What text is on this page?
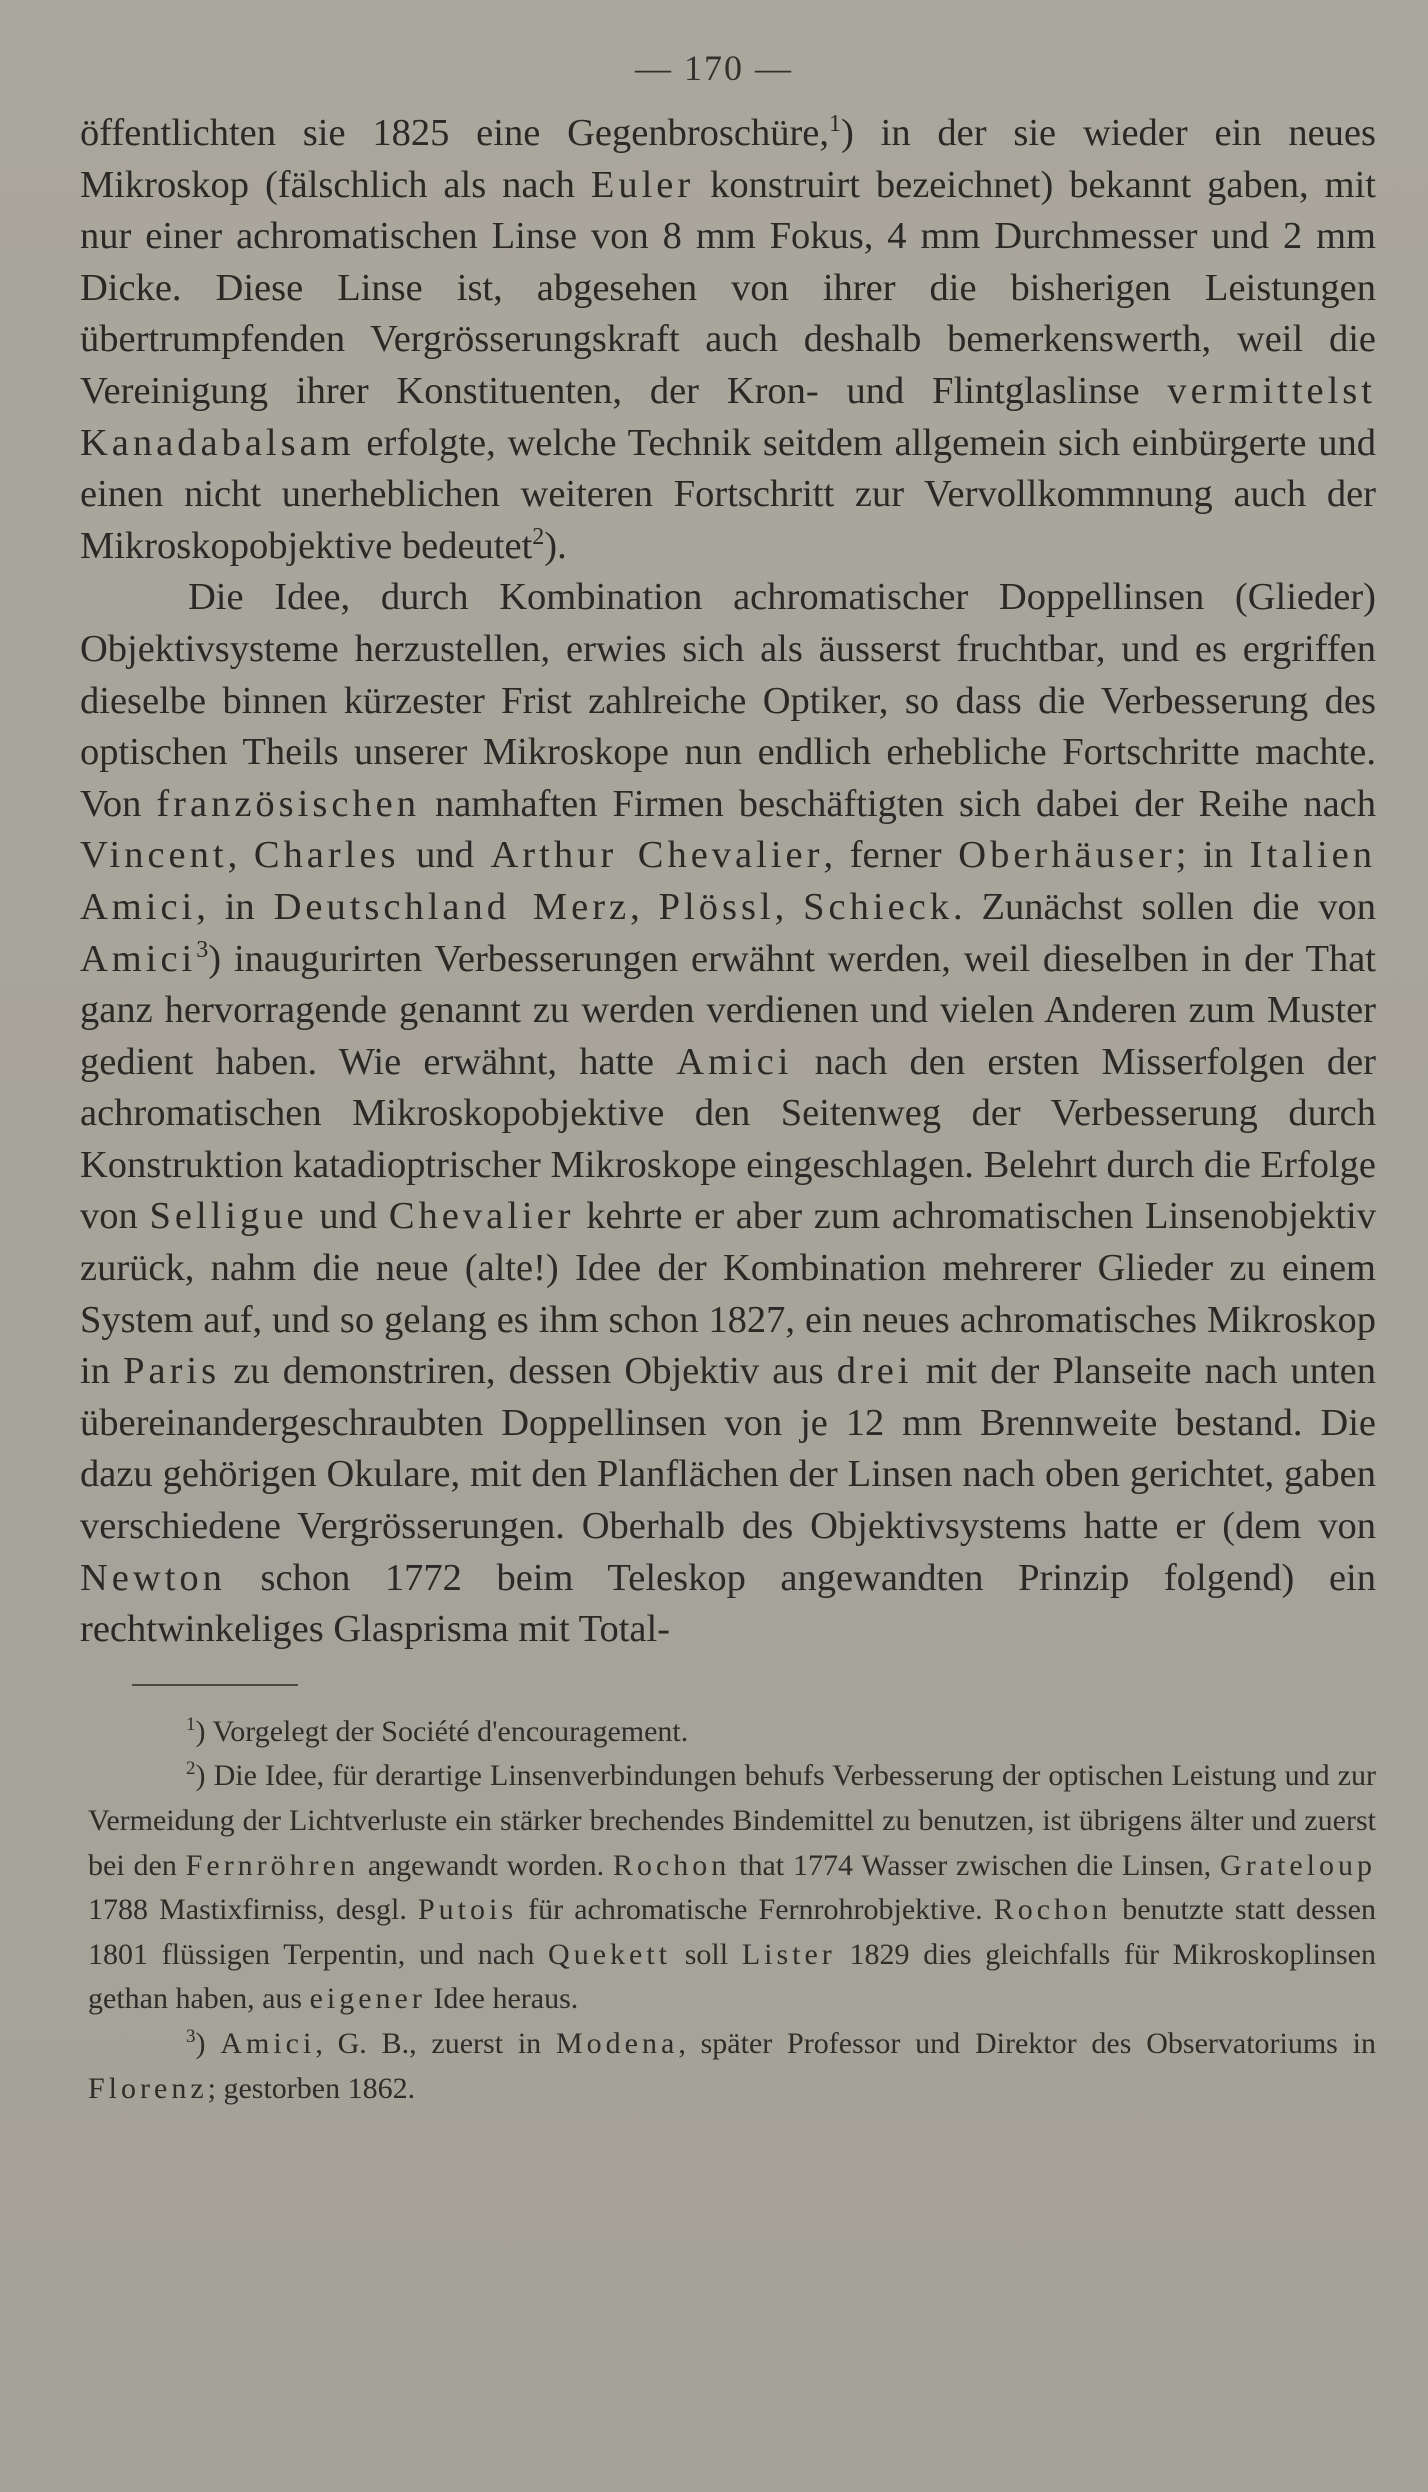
— 170 —

öffentlichten sie 1825 eine Gegenbroschüre,$^1$) in der sie wieder ein neues Mikroskop (fälschlich als nach Euler konstruirt bezeichnet) bekannt gaben, mit nur einer achromatischen Linse von 8 mm Fokus, 4 mm Durchmesser und 2 mm Dicke. Diese Linse ist, abgesehen von ihrer die bisherigen Leistungen übertrumpfenden Vergrösserungskraft auch deshalb bemerkenswerth, weil die Vereinigung ihrer Konstituenten, der Kron- und Flintglaslinse vermittelst Kanadabalsam erfolgte, welche Technik seitdem allgemein sich einbürgerte und einen nicht unerheblichen weiteren Fortschritt zur Vervollkommnung auch der Mikroskopobjektive bedeutet$^2$).

Die Idee, durch Kombination achromatischer Doppellinsen (Glieder) Objektivsysteme herzustellen, erwies sich als äusserst fruchtbar, und es ergriffen dieselbe binnen kürzester Frist zahlreiche Optiker, so dass die Verbesserung des optischen Theils unserer Mikroskope nun endlich erhebliche Fortschritte machte. Von französischen namhaften Firmen beschäftigten sich dabei der Reihe nach Vincent, Charles und Arthur Chevalier, ferner Oberhäuser; in Italien Amici, in Deutschland Merz, Plössl, Schieck. Zunächst sollen die von Amici$^3$) inaugurirten Verbesserungen erwähnt werden, weil dieselben in der That ganz hervorragende genannt zu werden verdienen und vielen Anderen zum Muster gedient haben. Wie erwähnt, hatte Amici nach den ersten Misserfolgen der achromatischen Mikroskopobjektive den Seitenweg der Verbesserung durch Konstruktion katadioptrischer Mikroskope eingeschlagen. Belehrt durch die Erfolge von Selligue und Chevalier kehrte er aber zum achromatischen Linsenobjektiv zurück, nahm die neue (alte!) Idee der Kombination mehrerer Glieder zu einem System auf, und so gelang es ihm schon 1827, ein neues achromatisches Mikroskop in Paris zu demonstriren, dessen Objektiv aus drei mit der Planseite nach unten übereinandergeschraubten Doppellinsen von je 12 mm Brennweite bestand. Die dazu gehörigen Okulare, mit den Planflächen der Linsen nach oben gerichtet, gaben verschiedene Vergrösserungen. Oberhalb des Objektivsystems hatte er (dem von Newton schon 1772 beim Teleskop angewandten Prinzip folgend) ein rechtwinkeliges Glasprisma mit Total-

$^1$) Vorgelegt der Société d'encouragement.

$^2$) Die Idee, für derartige Linsenverbindungen behufs Verbesserung der optischen Leistung und zur Vermeidung der Lichtverluste ein stärker brechendes Bindemittel zu benutzen, ist übrigens älter und zuerst bei den Fernröhren angewandt worden. Rochon that 1774 Wasser zwischen die Linsen, Grateloup 1788 Mastixfirniss, desgl. Putois für achromatische Fernrohrobjektive. Rochon benutzte statt dessen 1801 flüssigen Terpentin, und nach Quekett soll Lister 1829 dies gleichfalls für Mikroskoplinsen gethan haben, aus eigener Idee heraus.

$^3$) Amici, G. B., zuerst in Modena, später Professor und Direktor des Observatoriums in Florenz; gestorben 1862.
